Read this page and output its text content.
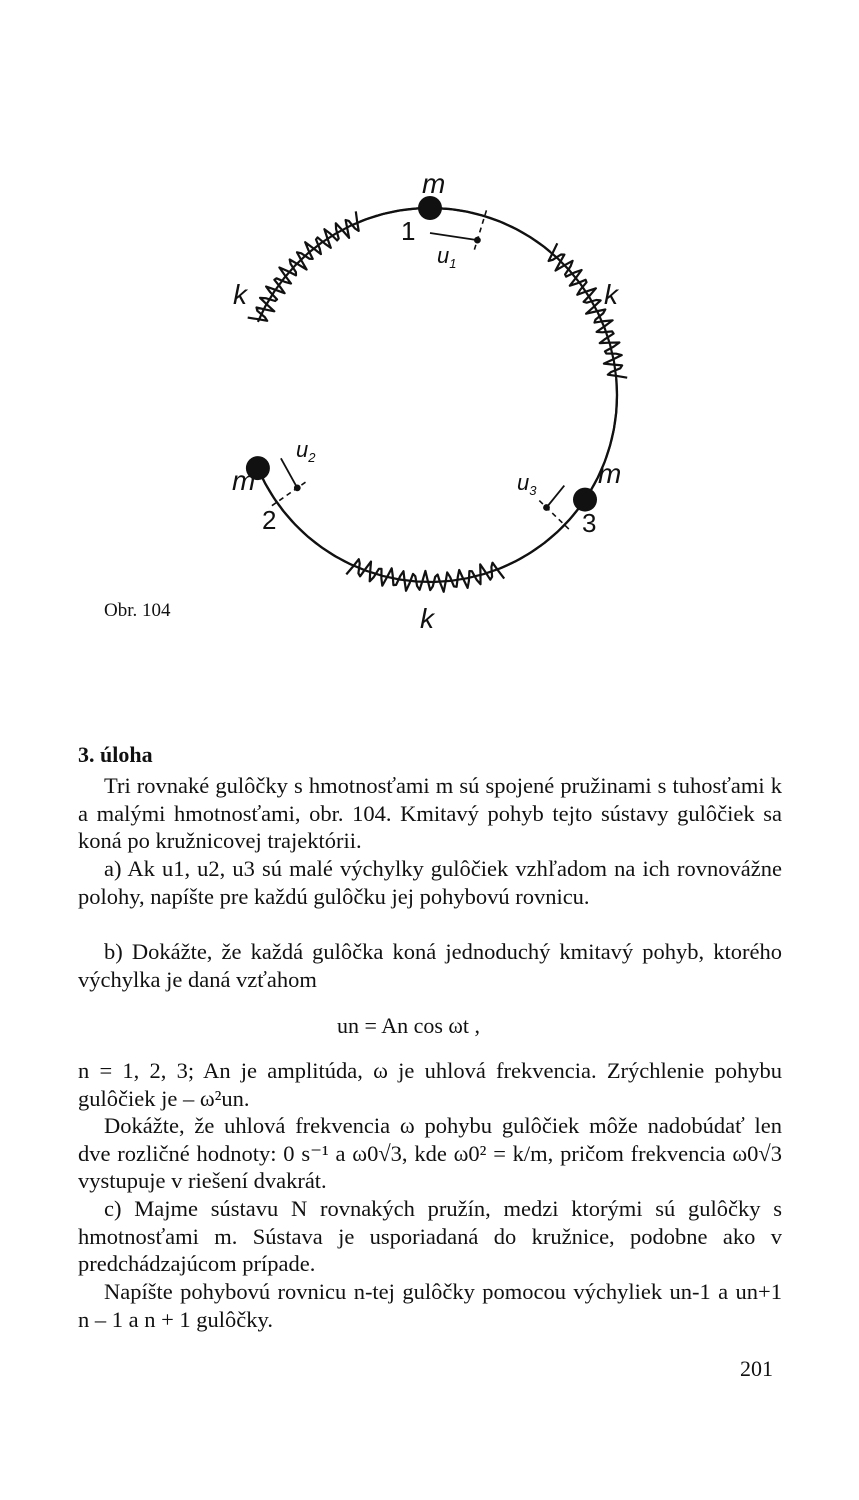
m
1
$u_1$
k	k
k
$u_2$
m
2
$u_3$
m
3
Obr. 104
3. úloha

Tri rovnaké gulôčky s hmotnosťami m sú spojené pružinami s tuhosťami k a malými hmotnosťami, obr. 104. Kmitavý pohyb tejto sústavy gulôčiek sa koná po kružnicovej trajektórii.

a) Ak u1, u2, u3 sú malé výchylky gulôčiek vzhľadom na ich rovnovážne polohy, napíšte pre každú gulôčku jej pohybovú rovnicu.

b) Dokážte, že každá gulôčka koná jednoduchý kmitavý pohyb, ktorého výchylka je daná vzťahom

un = An cos ωt ,

n = 1, 2, 3; An je amplitúda, ω je uhlová frekvencia. Zrýchlenie pohybu gulôčiek je – ω²un.

Dokážte, že uhlová frekvencia ω pohybu gulôčiek môže nadobúdať len dve rozličné hodnoty: 0 s⁻¹ a ω0√3, kde ω0² = k/m, pričom frekvencia ω0√3 vystupuje v riešení dvakrát.

c) Majme sústavu N rovnakých pružín, medzi ktorými sú gulôčky s hmotnosťami m. Sústava je usporiadaná do kružnice, podobne ako v predchádzajúcom prípade.

Napíšte pohybovú rovnicu n-tej gulôčky pomocou výchyliek un-1 a un+1 n – 1 a n + 1 gulôčky.

201
